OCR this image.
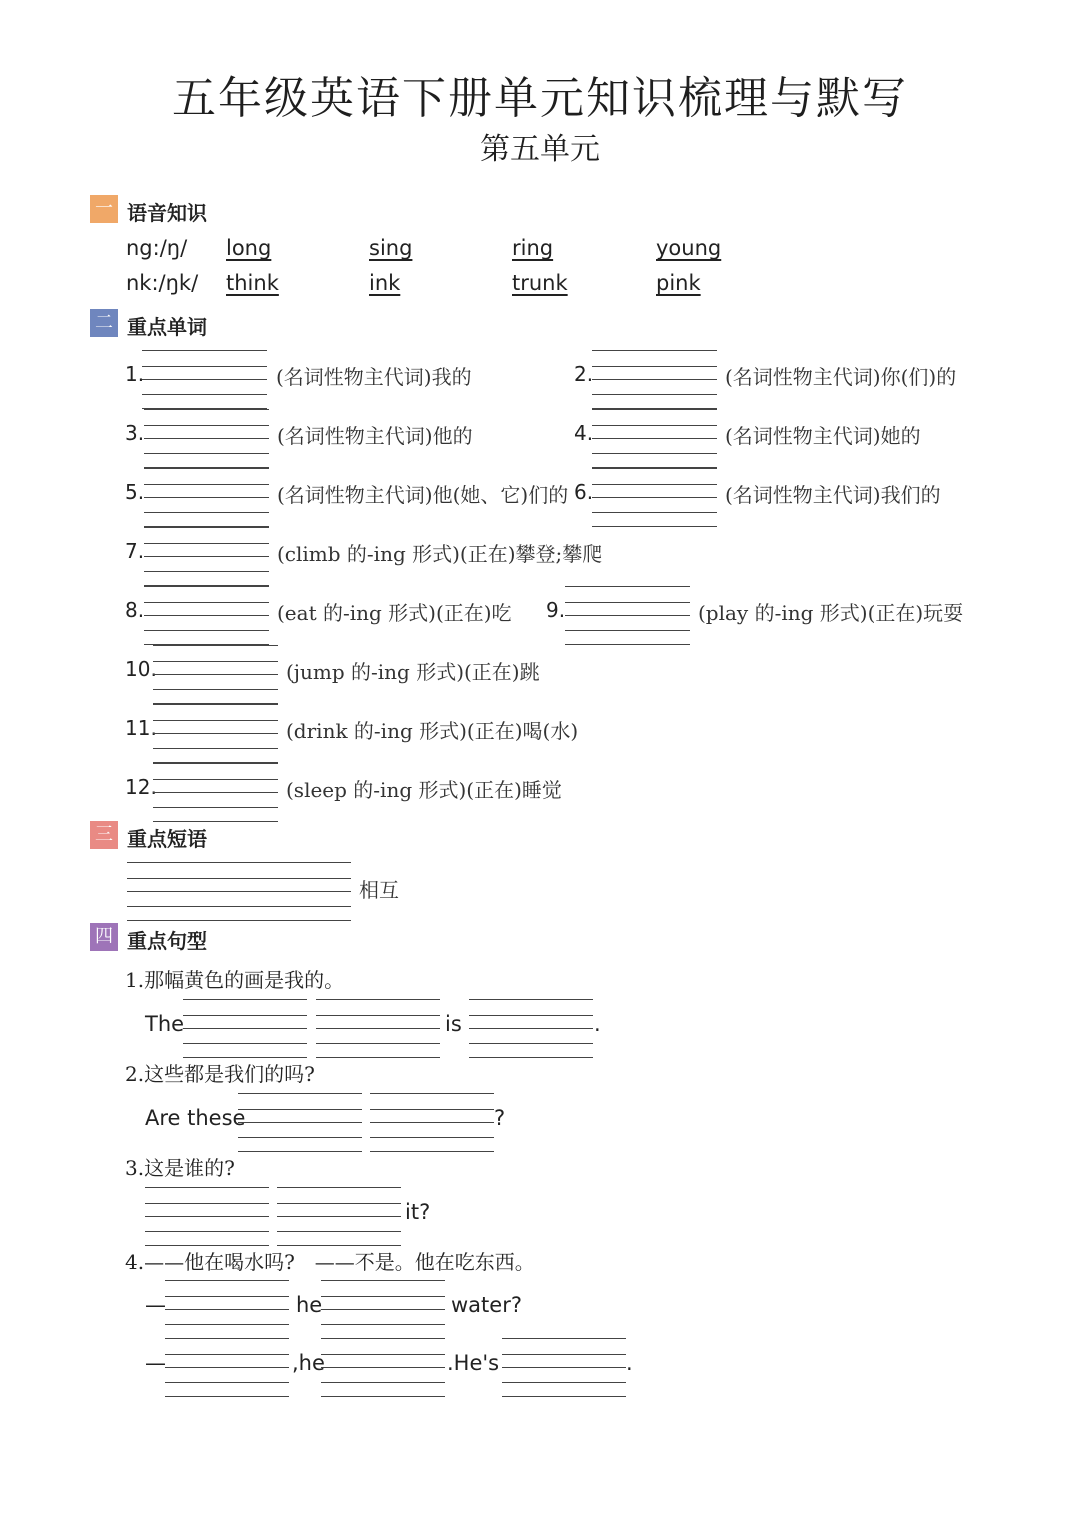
五年级英语下册单元知识梳理与默写
第五单元
一 语音知识
ng:/ŋ/ long	sing	ring	young
nk:/ŋk/ think	ink	trunk	pink
二 重点单词
1.	(名词性物主代词)我的	2.	(名词性物主代词)你(们)的
3.	(名词性物主代词)他的	4.	(名词性物主代词)她的
5.	(名词性物主代词)他(她、它)们的 6.	(名词性物主代词)我们的
7.	(climb 的-ing 形式)(正在)攀登;攀爬
8.	(eat 的-ing 形式)(正在)吃 9.	(play 的-ing 形式)(正在)玩耍
10.	(jump 的-ing 形式)(正在)跳
11.	(drink 的-ing 形式)(正在)喝(水)
12.	(sleep 的-ing 形式)(正在)睡觉
三 重点短语
相互
四 重点句型
1.那幅黄色的画是我的。
The	is	.
2.这些都是我们的吗?
Are these	?
3.这是谁的?
it?
4.——他在喝水吗?　——不是。他在吃东西。
—	he	water?
—	,he	.He's	.
